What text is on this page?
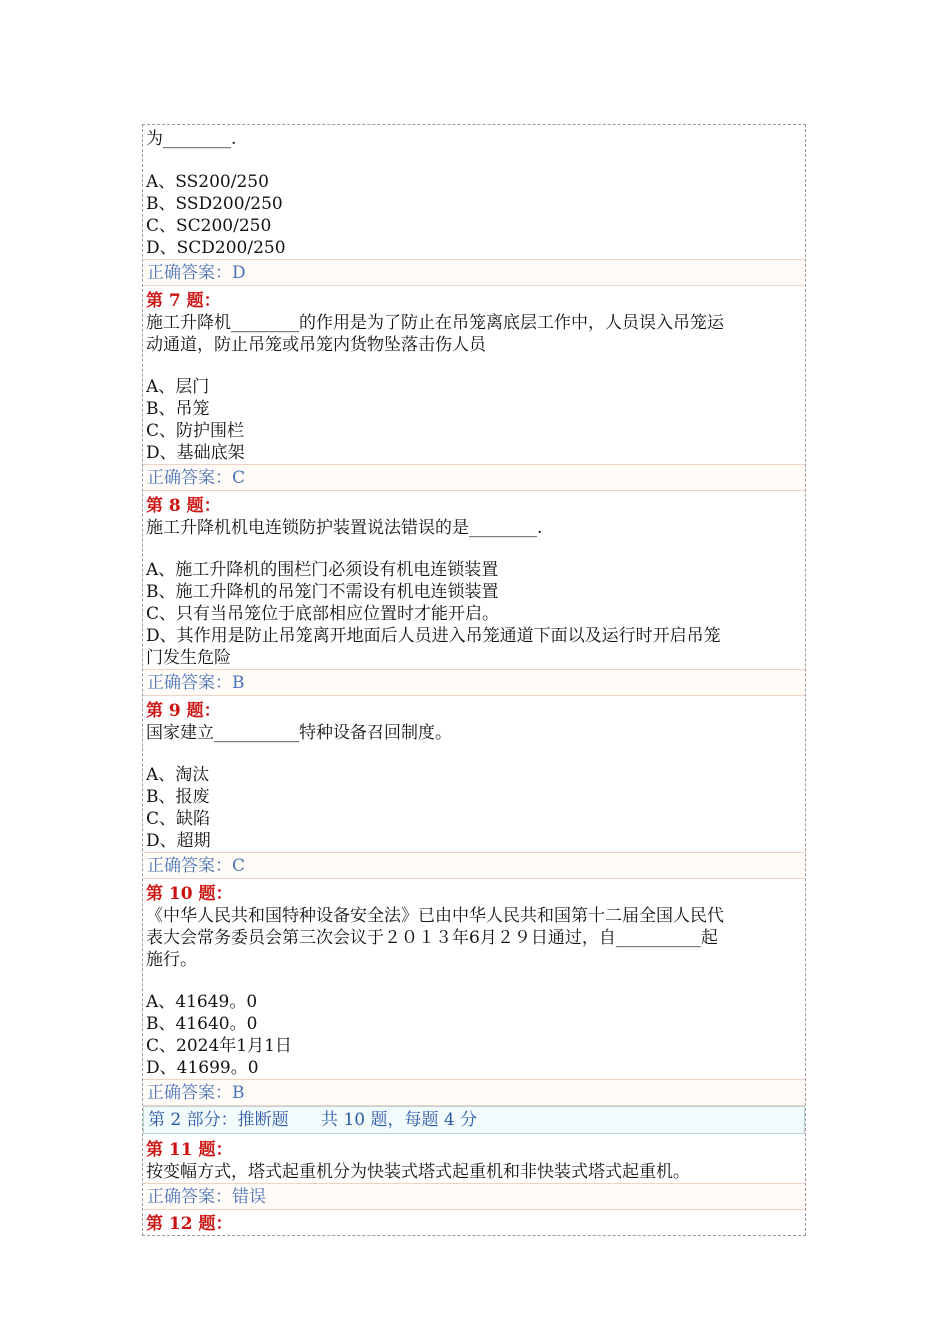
为________.
A、SS200/250
B、SSD200/250
C、SC200/250
D、SCD200/250
正确答案：D
第 7 题：
施工升降机________的作用是为了防止在吊笼离底层工作中，人员误入吊笼运
动通道，防止吊笼或吊笼内货物坠落击伤人员
A、层门
B、吊笼
C、防护围栏
D、基础底架
正确答案：C
第 8 题：
施工升降机机电连锁防护装置说法错误的是________.
A、施工升降机的围栏门必须设有机电连锁装置
B、施工升降机的吊笼门不需设有机电连锁装置
C、只有当吊笼位于底部相应位置时才能开启。
D、其作用是防止吊笼离开地面后人员进入吊笼通道下面以及运行时开启吊笼
门发生危险
正确答案：B
第 9 题：
国家建立__________特种设备召回制度。
A、淘汰
B、报废
C、缺陷
D、超期
正确答案：C
第 10 题：
《中华人民共和国特种设备安全法》已由中华人民共和国第十二届全国人民代
表大会常务委员会第三次会议于２０１３年6月２９日通过，自__________起
施行。
A、41649。0
B、41640。0
C、2024年1月1日
D、41699。0
正确答案：B
第 2 部分：推断题      共 10 题，每题 4 分
第 11 题：
按变幅方式，塔式起重机分为快装式塔式起重机和非快装式塔式起重机。
正确答案：错误
第 12 题：
